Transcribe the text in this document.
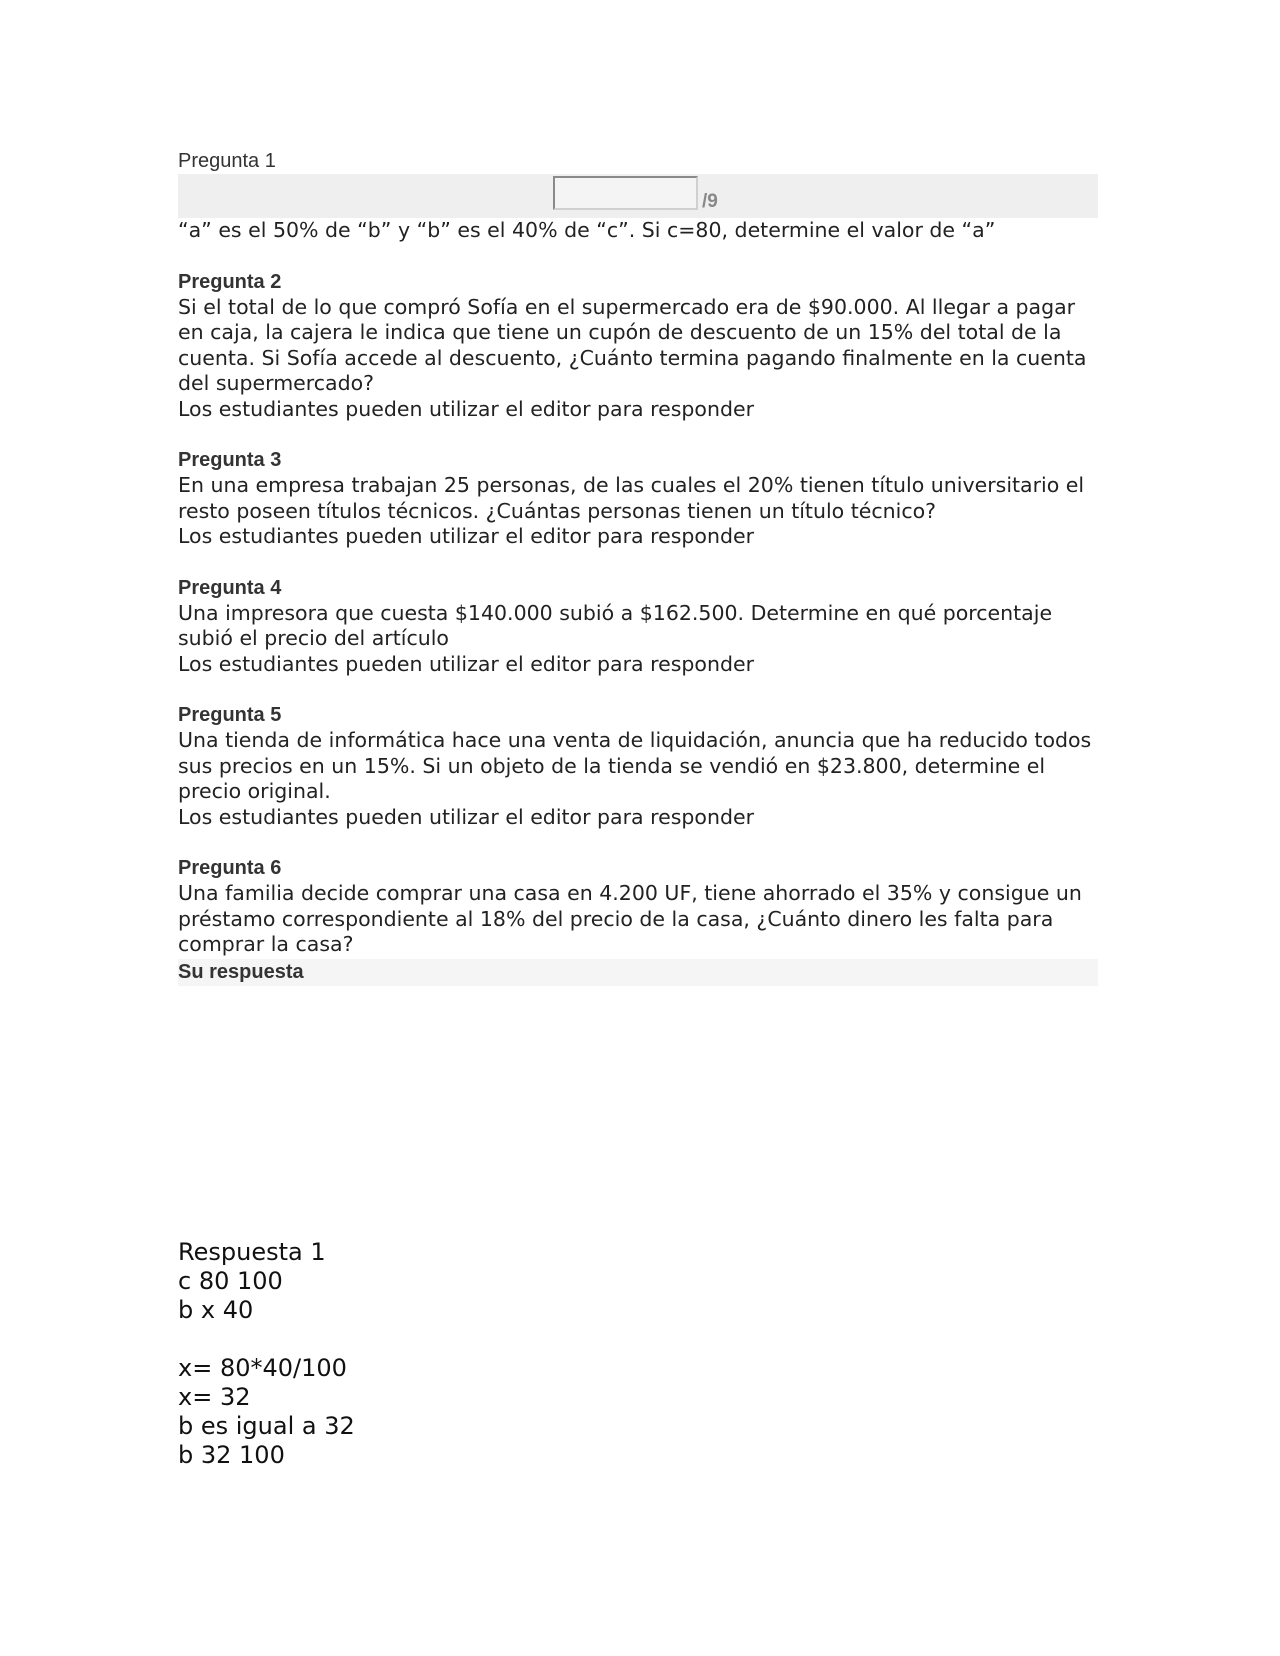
Pregunta 1

/9

“a” es el 50% de “b” y “b” es el 40% de “c”. Si c=80, determine el valor de “a”

Pregunta 2

Si el total de lo que compró Sofía en el supermercado era de $90.000. Al llegar a pagar en caja, la cajera le indica que tiene un cupón de descuento de un 15% del total de la cuenta. Si Sofía accede al descuento, ¿Cuánto termina pagando finalmente en la cuenta del supermercado?

Los estudiantes pueden utilizar el editor para responder

Pregunta 3

En una empresa trabajan 25 personas, de las cuales el 20% tienen título universitario el resto poseen títulos técnicos. ¿Cuántas personas tienen un título técnico?

Los estudiantes pueden utilizar el editor para responder

Pregunta 4

Una impresora que cuesta $140.000 subió a $162.500. Determine en qué porcentaje subió el precio del artículo

Los estudiantes pueden utilizar el editor para responder

Pregunta 5

Una tienda de informática hace una venta de liquidación, anuncia que ha reducido todos sus precios en un 15%. Si un objeto de la tienda se vendió en $23.800, determine el precio original.

Los estudiantes pueden utilizar el editor para responder

Pregunta 6

Una familia decide comprar una casa en 4.200 UF, tiene ahorrado el 35% y consigue un préstamo correspondiente al 18% del precio de la casa, ¿Cuánto dinero les falta para comprar la casa?

Su respuesta
Respuesta 1
c 80 100
b x 40

x= 80*40/100
x= 32
b es igual a 32
b 32 100
